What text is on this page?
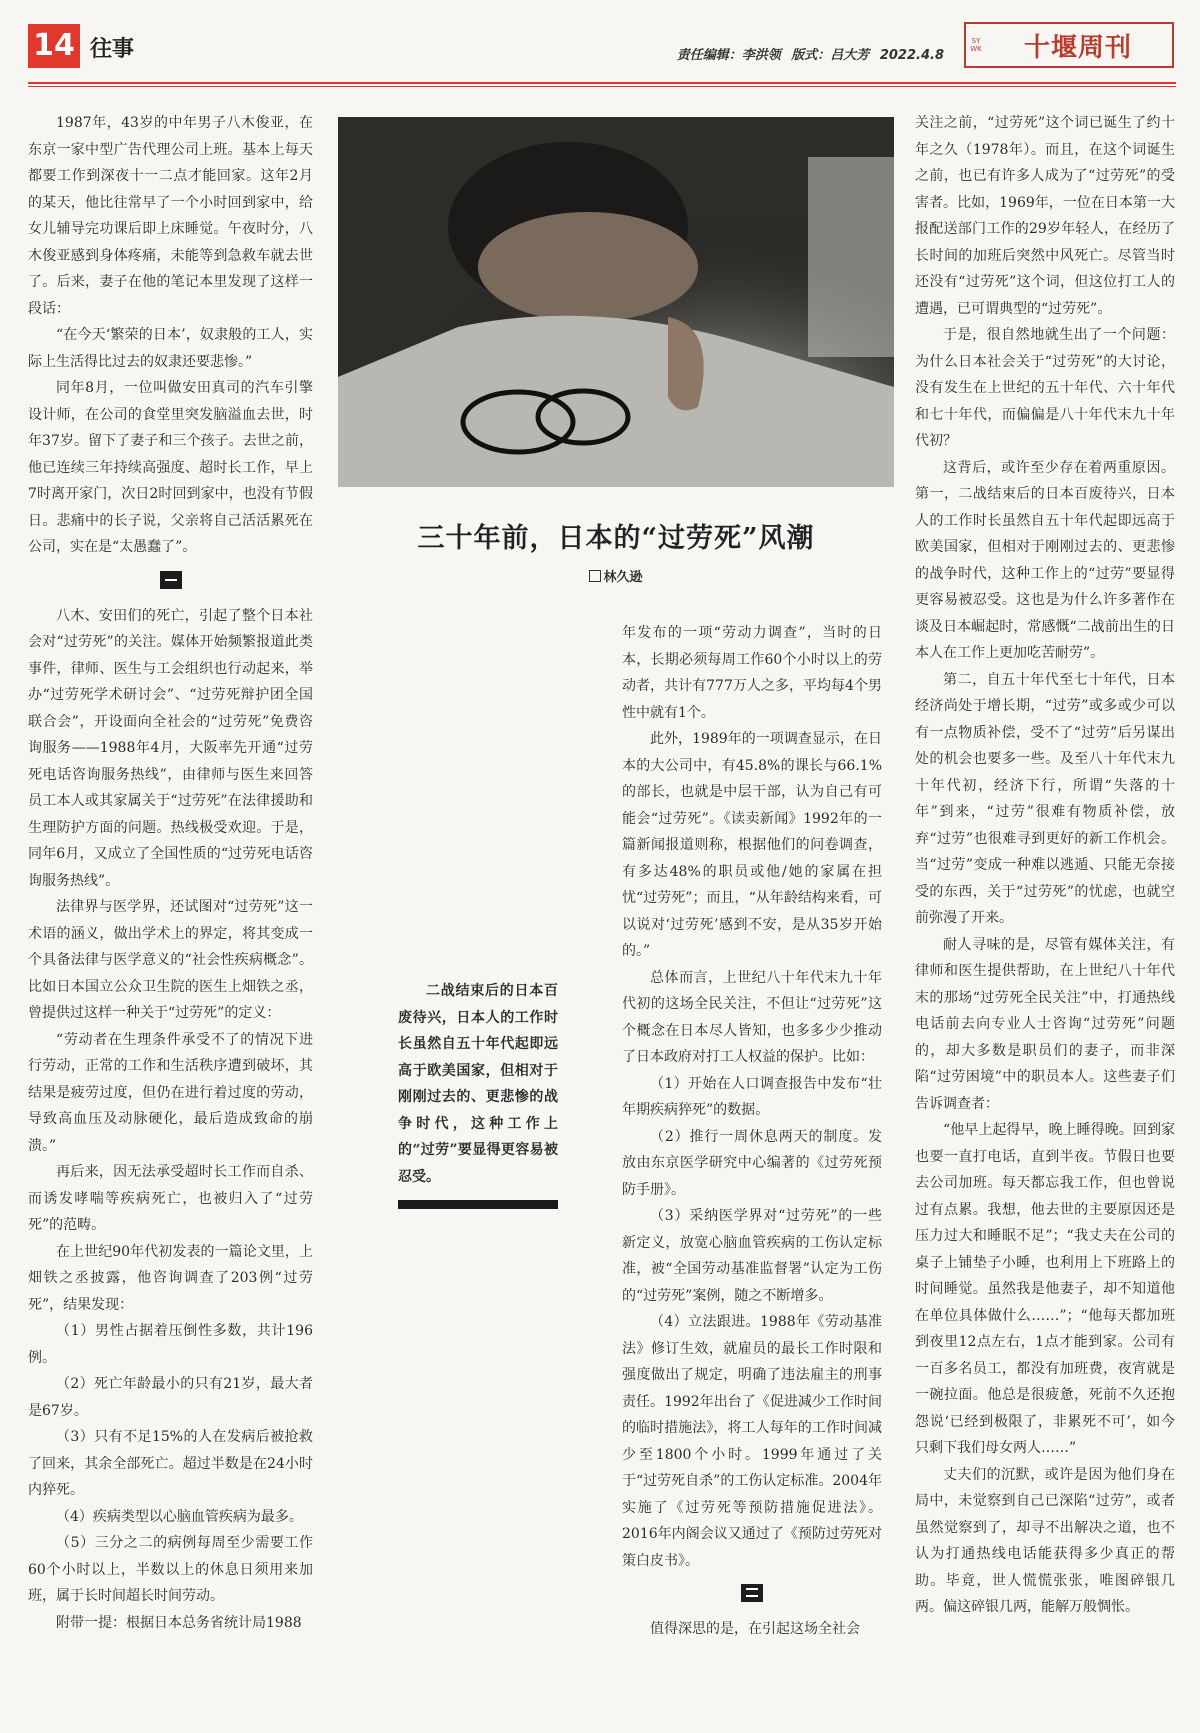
14 往事	责任编辑：李洪领 版式：吕大芳 2022.4.8
SY
WK	十堰周刊

1987年，43岁的中年男子八木俊亚，在东京一家中型广告代理公司上班。基本上每天都要工作到深夜十一二点才能回家。这年2月的某天，他比往常早了一个小时回到家中，给女儿辅导完功课后即上床睡觉。午夜时分，八木俊亚感到身体疼痛，未能等到急救车就去世了。后来，妻子在他的笔记本里发现了这样一段话：

“在今天‘繁荣的日本’，奴隶般的工人，实际上生活得比过去的奴隶还要悲惨。”

同年8月，一位叫做安田真司的汽车引擎设计师，在公司的食堂里突发脑溢血去世，时年37岁。留下了妻子和三个孩子。去世之前，他已连续三年持续高强度、超时长工作，早上7时离开家门，次日2时回到家中，也没有节假日。悲痛中的长子说，父亲将自己活活累死在公司，实在是“太愚蠢了”。

八木、安田们的死亡，引起了整个日本社会对“过劳死”的关注。媒体开始频繁报道此类事件，律师、医生与工会组织也行动起来，举办“过劳死学术研讨会”、“过劳死辩护团全国联合会”，开设面向全社会的“过劳死”免费咨询服务——1988年4月，大阪率先开通“过劳死电话咨询服务热线”，由律师与医生来回答员工本人或其家属关于“过劳死”在法律援助和生理防护方面的问题。热线极受欢迎。于是，同年6月，又成立了全国性质的“过劳死电话咨询服务热线”。

法律界与医学界，还试图对“过劳死”这一术语的涵义，做出学术上的界定，将其变成一个具备法律与医学意义的“社会性疾病概念”。比如日本国立公众卫生院的医生上畑铁之丞，曾提供过这样一种关于“过劳死”的定义：

“劳动者在生理条件承受不了的情况下进行劳动，正常的工作和生活秩序遭到破坏，其结果是疲劳过度，但仍在进行着过度的劳动，导致高血压及动脉硬化，最后造成致命的崩溃。”

再后来，因无法承受超时长工作而自杀、而诱发哮喘等疾病死亡，也被归入了“过劳死”的范畴。

在上世纪90年代初发表的一篇论文里，上畑铁之丞披露，他咨询调查了203例“过劳死”，结果发现：

（1）男性占据着压倒性多数，共计196例。

（2）死亡年龄最小的只有21岁，最大者是67岁。

（3）只有不足15%的人在发病后被抢救了回来，其余全部死亡。超过半数是在24小时内猝死。

（4）疾病类型以心脑血管疾病为最多。

（5）三分之二的病例每周至少需要工作60个小时以上，半数以上的休息日须用来加班，属于长时间超长时间劳动。

附带一提：根据日本总务省统计局1988

三十年前，日本的“过劳死”风潮
林久逊
二战结束后的日本百废待兴，日本人的工作时长虽然自五十年代起即远高于欧美国家，但相对于刚刚过去的、更悲惨的战争时代，这种工作上的“过劳”要显得更容易被忍受。

年发布的一项“劳动力调查”，当时的日本，长期必须每周工作60个小时以上的劳动者，共计有777万人之多，平均每4个男性中就有1个。

此外，1989年的一项调查显示，在日本的大公司中，有45.8%的课长与66.1%的部长，也就是中层干部，认为自己有可能会“过劳死”。《读卖新闻》1992年的一篇新闻报道则称，根据他们的问卷调查，有多达48%的职员或他/她的家属在担忧“过劳死”；而且，“从年龄结构来看，可以说对‘过劳死’感到不安，是从35岁开始的。”

总体而言，上世纪八十年代末九十年代初的这场全民关注，不但让“过劳死”这个概念在日本尽人皆知，也多多少少推动了日本政府对打工人权益的保护。比如：

（1）开始在人口调查报告中发布“壮年期疾病猝死”的数据。

（2）推行一周休息两天的制度。发放由东京医学研究中心编著的《过劳死预防手册》。

（3）采纳医学界对“过劳死”的一些新定义，放宽心脑血管疾病的工伤认定标准，被“全国劳动基准监督署”认定为工伤的“过劳死”案例，随之不断增多。

（4）立法跟进。1988年《劳动基准法》修订生效，就雇员的最长工作时限和强度做出了规定，明确了违法雇主的刑事责任。1992年出台了《促进减少工作时间的临时措施法》，将工人每年的工作时间减少至1800个小时。1999年通过了关于“过劳死自杀”的工伤认定标准。2004年实施了《过劳死等预防措施促进法》。2016年内阁会议又通过了《预防过劳死对策白皮书》。

值得深思的是，在引起这场全社会

关注之前，“过劳死”这个词已诞生了约十年之久（1978年）。而且，在这个词诞生之前，也已有许多人成为了“过劳死”的受害者。比如，1969年，一位在日本第一大报配送部门工作的29岁年轻人，在经历了长时间的加班后突然中风死亡。尽管当时还没有“过劳死”这个词，但这位打工人的遭遇，已可谓典型的“过劳死”。

于是，很自然地就生出了一个问题：为什么日本社会关于“过劳死”的大讨论，没有发生在上世纪的五十年代、六十年代和七十年代，而偏偏是八十年代末九十年代初？

这背后，或许至少存在着两重原因。第一，二战结束后的日本百废待兴，日本人的工作时长虽然自五十年代起即远高于欧美国家，但相对于刚刚过去的、更悲惨的战争时代，这种工作上的“过劳”要显得更容易被忍受。这也是为什么许多著作在谈及日本崛起时，常感慨“二战前出生的日本人在工作上更加吃苦耐劳”。

第二，自五十年代至七十年代，日本经济尚处于增长期，“过劳”或多或少可以有一点物质补偿，受不了“过劳”后另谋出处的机会也要多一些。及至八十年代末九十年代初，经济下行，所谓“失落的十年”到来，“过劳”很难有物质补偿，放弃“过劳”也很难寻到更好的新工作机会。当“过劳”变成一种难以逃遁、只能无奈接受的东西，关于“过劳死”的忧虑，也就空前弥漫了开来。

耐人寻味的是，尽管有媒体关注，有律师和医生提供帮助，在上世纪八十年代末的那场“过劳死全民关注”中，打通热线电话前去向专业人士咨询“过劳死”问题的，却大多数是职员们的妻子，而非深陷“过劳困境”中的职员本人。这些妻子们告诉调查者：

“他早上起得早，晚上睡得晚。回到家也要一直打电话，直到半夜。节假日也要去公司加班。每天都忘我工作，但也曾说过有点累。我想，他去世的主要原因还是压力过大和睡眠不足”；“我丈夫在公司的桌子上铺垫子小睡，也利用上下班路上的时间睡觉。虽然我是他妻子，却不知道他在单位具体做什么……”；“他每天都加班到夜里12点左右，1点才能到家。公司有一百多名员工，都没有加班费，夜宵就是一碗拉面。他总是很疲惫，死前不久还抱怨说‘已经到极限了，非累死不可’，如今只剩下我们母女两人……”

丈夫们的沉默，或许是因为他们身在局中，未觉察到自己已深陷“过劳”，或者虽然觉察到了，却寻不出解决之道，也不认为打通热线电话能获得多少真正的帮助。毕竟，世人慌慌张张，唯图碎银几两。偏这碎银几两，能解万般惆怅。
